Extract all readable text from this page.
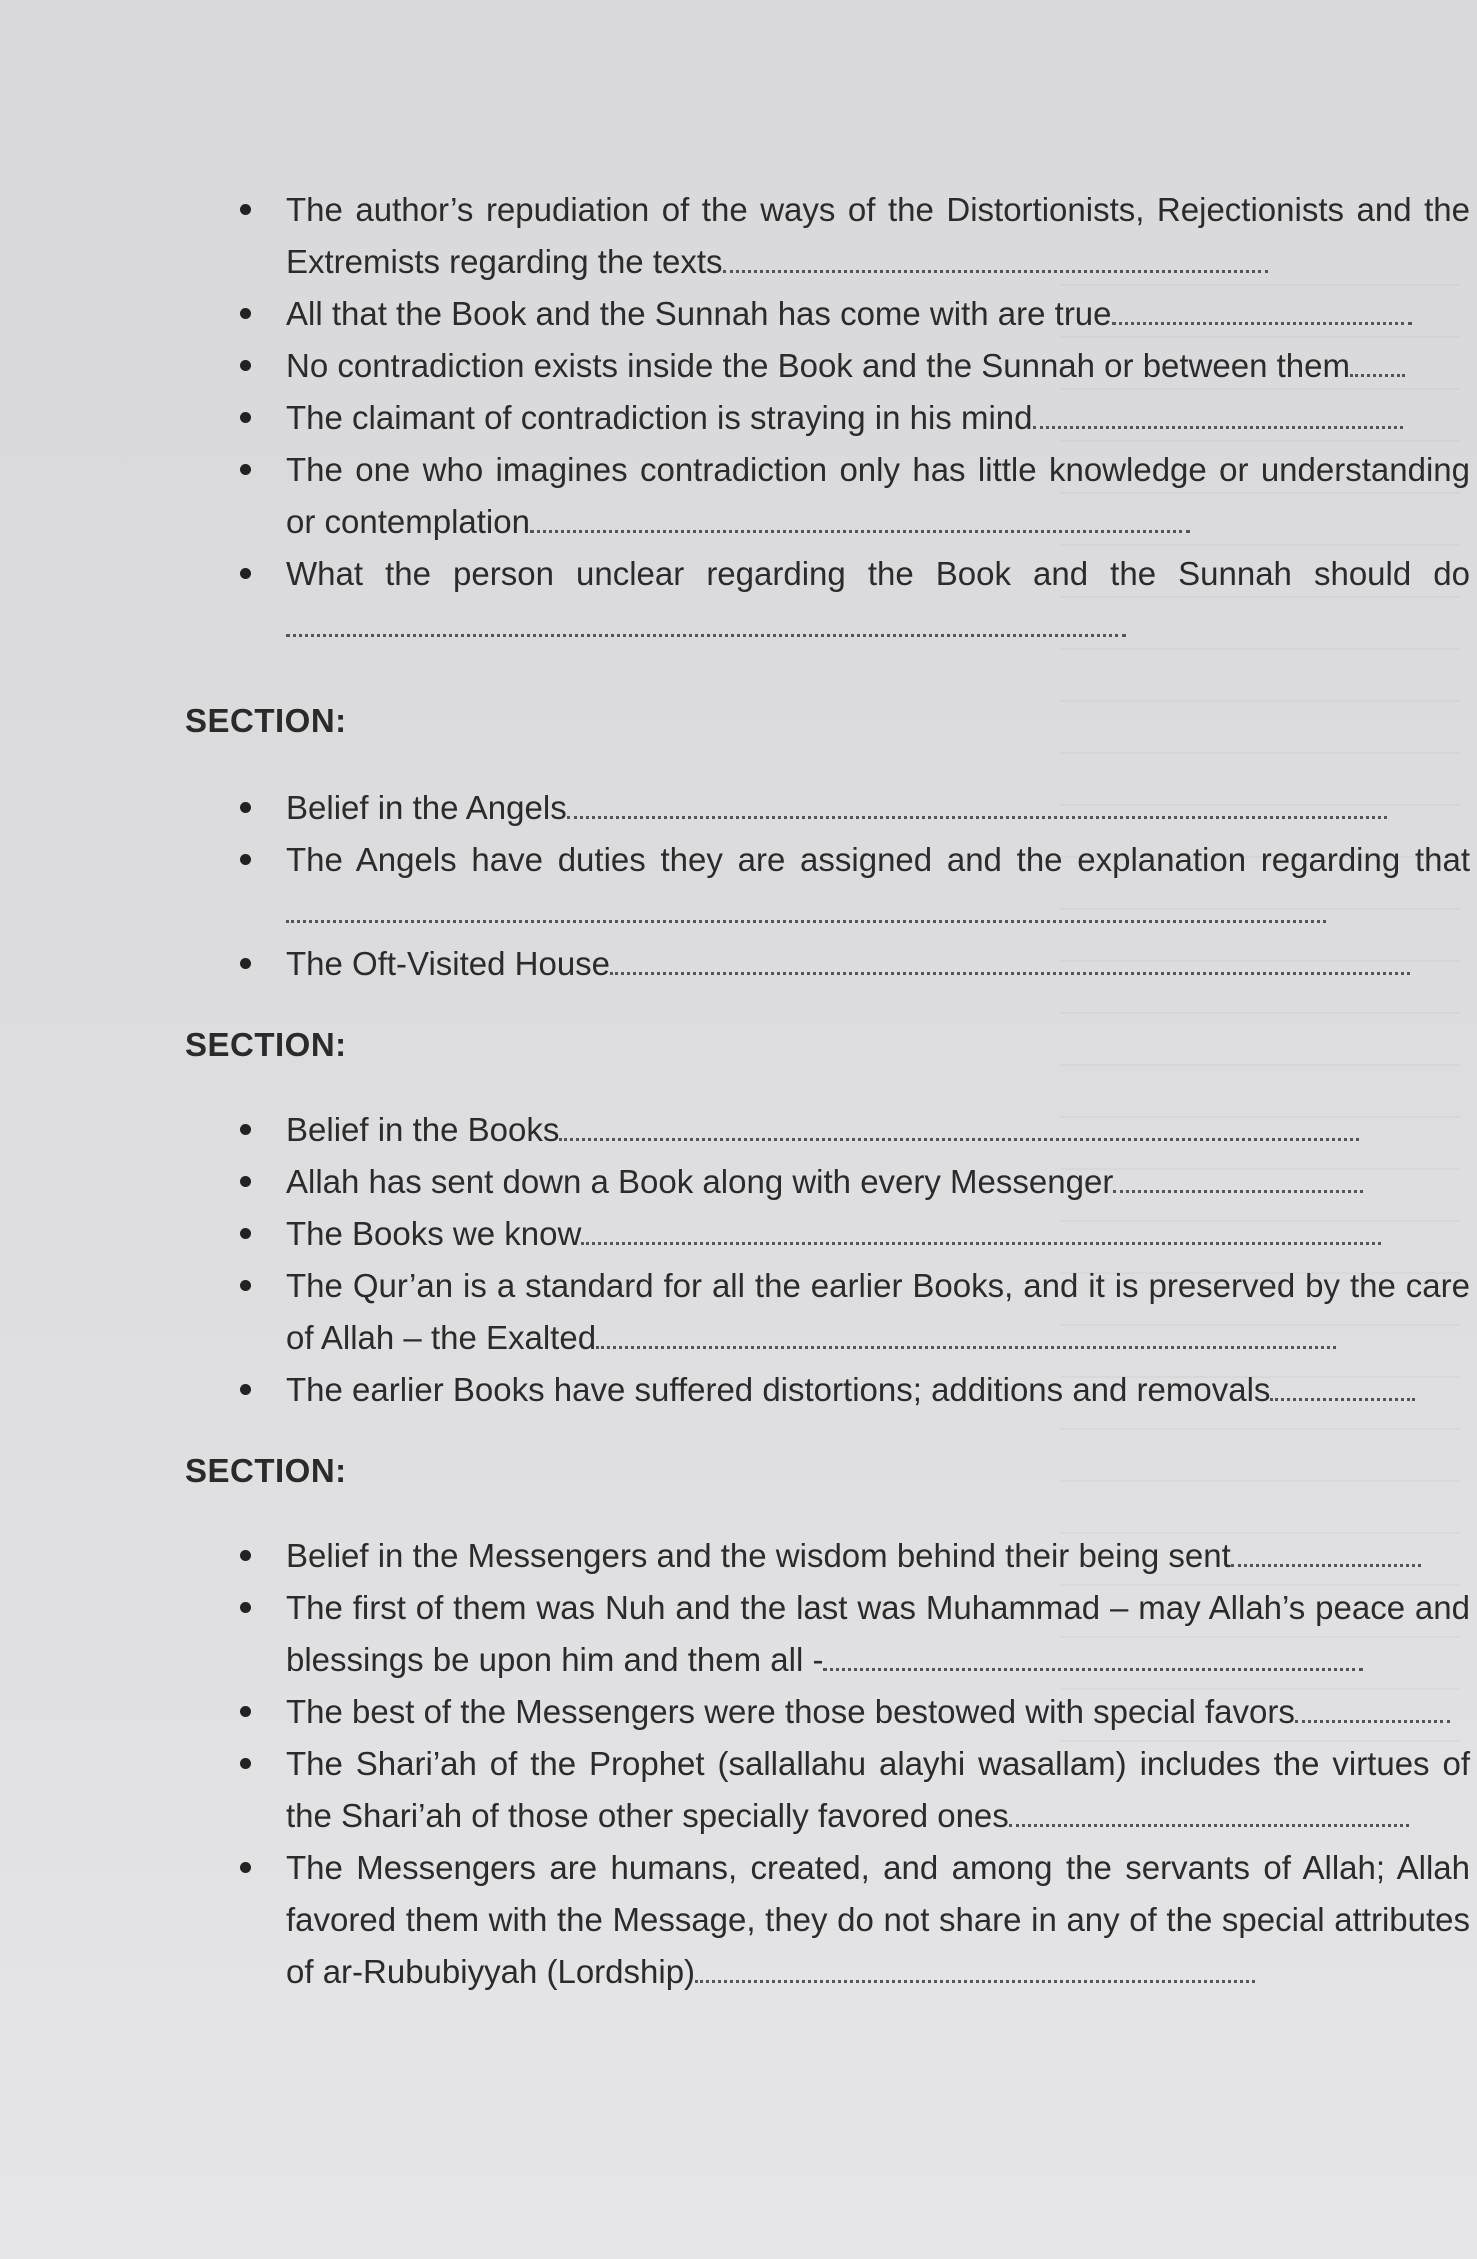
The author’s repudiation of the ways of the Distortionists, Rejectionists and the Extremists regarding the texts
All that the Book and the Sunnah has come with are true
No contradiction exists inside the Book and the Sunnah or between them
The claimant of contradiction is straying in his mind
The one who imagines contradiction only has little knowledge or understanding or contemplation
What the person unclear regarding the Book and the Sunnah should do
SECTION:
Belief in the Angels
The Angels have duties they are assigned and the explanation regarding that
The Oft-Visited House
SECTION:
Belief in the Books
Allah has sent down a Book along with every Messenger
The Books we know
The Qur’an is a standard for all the earlier Books, and it is preserved by the care of Allah – the Exalted
The earlier Books have suffered distortions; additions and removals
SECTION:
Belief in the Messengers and the wisdom behind their being sent
The first of them was Nuh and the last was Muhammad – may Allah’s peace and blessings be upon him and them all -
The best of the Messengers were those bestowed with special favors
The Shari’ah of the Prophet (sallallahu alayhi wasallam) includes the virtues of the Shari’ah of those other specially favored ones
The Messengers are humans, created, and among the servants of Allah; Allah favored them with the Message, they do not share in any of the special attributes of ar-Rububiyyah (Lordship)
